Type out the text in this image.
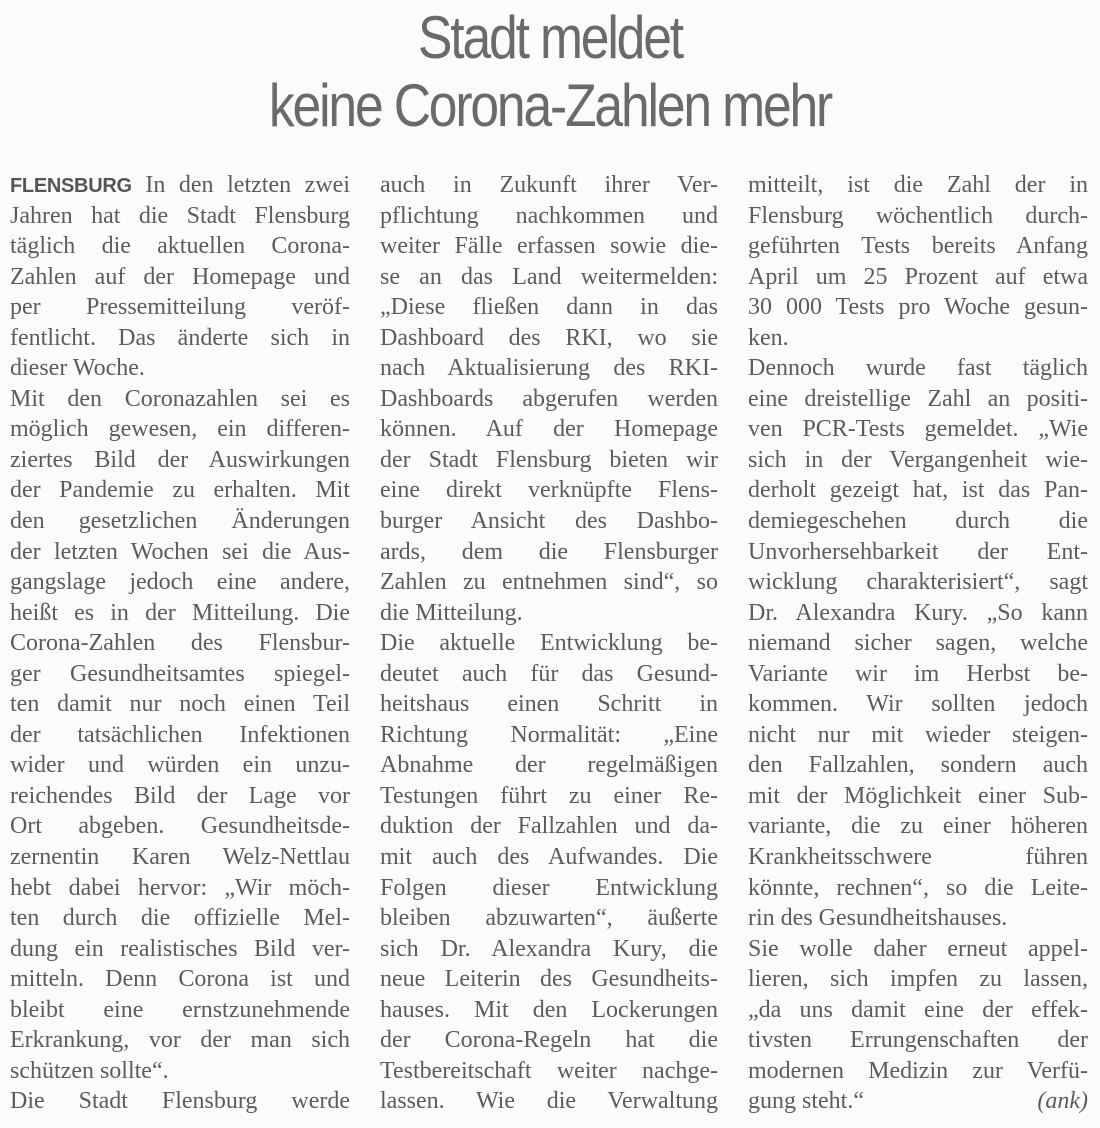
Stadt meldet
keine Corona-Zahlen mehr
FLENSBURG In den letzten zwei
Jahren hat die Stadt Flensburg
täglich die aktuellen Corona-
Zahlen auf der Homepage und
per Pressemitteilung veröf-
fentlicht. Das änderte sich in
dieser Woche.
Mit den Coronazahlen sei es
möglich gewesen, ein differen-
ziertes Bild der Auswirkungen
der Pandemie zu erhalten. Mit
den gesetzlichen Änderungen
der letzten Wochen sei die Aus-
gangslage jedoch eine andere,
heißt es in der Mitteilung. Die
Corona-Zahlen des Flensbur-
ger Gesundheitsamtes spiegel-
ten damit nur noch einen Teil
der tatsächlichen Infektionen
wider und würden ein unzu-
reichendes Bild der Lage vor
Ort abgeben. Gesundheitsde-
zernentin Karen Welz-Nettlau
hebt dabei hervor: „Wir möch-
ten durch die offizielle Mel-
dung ein realistisches Bild ver-
mitteln. Denn Corona ist und
bleibt eine ernstzunehmende
Erkrankung, vor der man sich
schützen sollte“.
Die Stadt Flensburg werde
auch in Zukunft ihrer Ver-
pflichtung nachkommen und
weiter Fälle erfassen sowie die-
se an das Land weitermelden:
„Diese fließen dann in das
Dashboard des RKI, wo sie
nach Aktualisierung des RKI-
Dashboards abgerufen werden
können. Auf der Homepage
der Stadt Flensburg bieten wir
eine direkt verknüpfte Flens-
burger Ansicht des Dashbo-
ards, dem die Flensburger
Zahlen zu entnehmen sind“, so
die Mitteilung.
Die aktuelle Entwicklung be-
deutet auch für das Gesund-
heitshaus einen Schritt in
Richtung Normalität: „Eine
Abnahme der regelmäßigen
Testungen führt zu einer Re-
duktion der Fallzahlen und da-
mit auch des Aufwandes. Die
Folgen dieser Entwicklung
bleiben abzuwarten“, äußerte
sich Dr. Alexandra Kury, die
neue Leiterin des Gesundheits-
hauses. Mit den Lockerungen
der Corona-Regeln hat die
Testbereitschaft weiter nachge-
lassen. Wie die Verwaltung
mitteilt, ist die Zahl der in
Flensburg wöchentlich durch-
geführten Tests bereits Anfang
April um 25 Prozent auf etwa
30 000 Tests pro Woche gesun-
ken.
Dennoch wurde fast täglich
eine dreistellige Zahl an positi-
ven PCR-Tests gemeldet. „Wie
sich in der Vergangenheit wie-
derholt gezeigt hat, ist das Pan-
demiegeschehen durch die
Unvorhersehbarkeit der Ent-
wicklung charakterisiert“, sagt
Dr. Alexandra Kury. „So kann
niemand sicher sagen, welche
Variante wir im Herbst be-
kommen. Wir sollten jedoch
nicht nur mit wieder steigen-
den Fallzahlen, sondern auch
mit der Möglichkeit einer Sub-
variante, die zu einer höheren
Krankheitsschwere führen
könnte, rechnen“, so die Leite-
rin des Gesundheitshauses.
Sie wolle daher erneut appel-
lieren, sich impfen zu lassen,
„da uns damit eine der effek-
tivsten Errungenschaften der
modernen Medizin zur Verfü-
gung steht.“	(ank)
